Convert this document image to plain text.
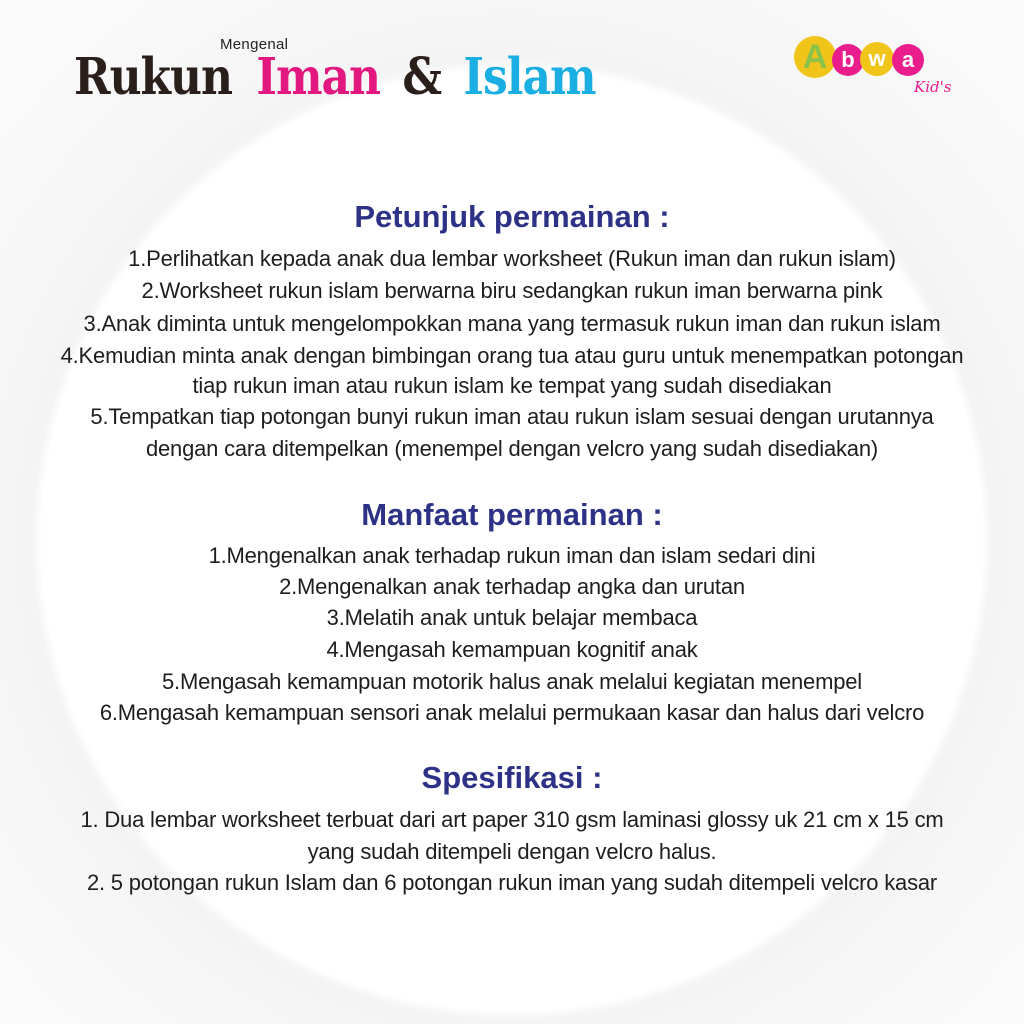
Mengenal
Rukun Iman & Islam	A b w a
Kid's
Petunjuk permainan :
1.Perlihatkan kepada anak dua lembar worksheet (Rukun iman dan rukun islam)
2.Worksheet rukun islam berwarna biru sedangkan rukun iman berwarna pink
3.Anak diminta untuk mengelompokkan mana yang termasuk rukun iman dan rukun islam
4.Kemudian minta anak dengan bimbingan orang tua atau guru untuk menempatkan potongan
tiap rukun iman atau rukun islam ke tempat yang sudah disediakan
5.Tempatkan tiap potongan bunyi rukun iman atau rukun islam sesuai dengan urutannya
dengan cara ditempelkan (menempel dengan velcro yang sudah disediakan)
Manfaat permainan :
1.Mengenalkan anak terhadap rukun iman dan islam sedari dini
2.Mengenalkan anak terhadap angka dan urutan
3.Melatih anak untuk belajar membaca
4.Mengasah kemampuan kognitif anak
5.Mengasah kemampuan motorik halus anak melalui kegiatan menempel
6.Mengasah kemampuan sensori anak melalui permukaan kasar dan halus dari velcro
Spesifikasi :
1. Dua lembar worksheet terbuat dari art paper 310 gsm laminasi glossy uk 21 cm x 15 cm
yang sudah ditempeli dengan velcro halus.
2. 5 potongan rukun Islam dan 6 potongan rukun iman yang sudah ditempeli velcro kasar
